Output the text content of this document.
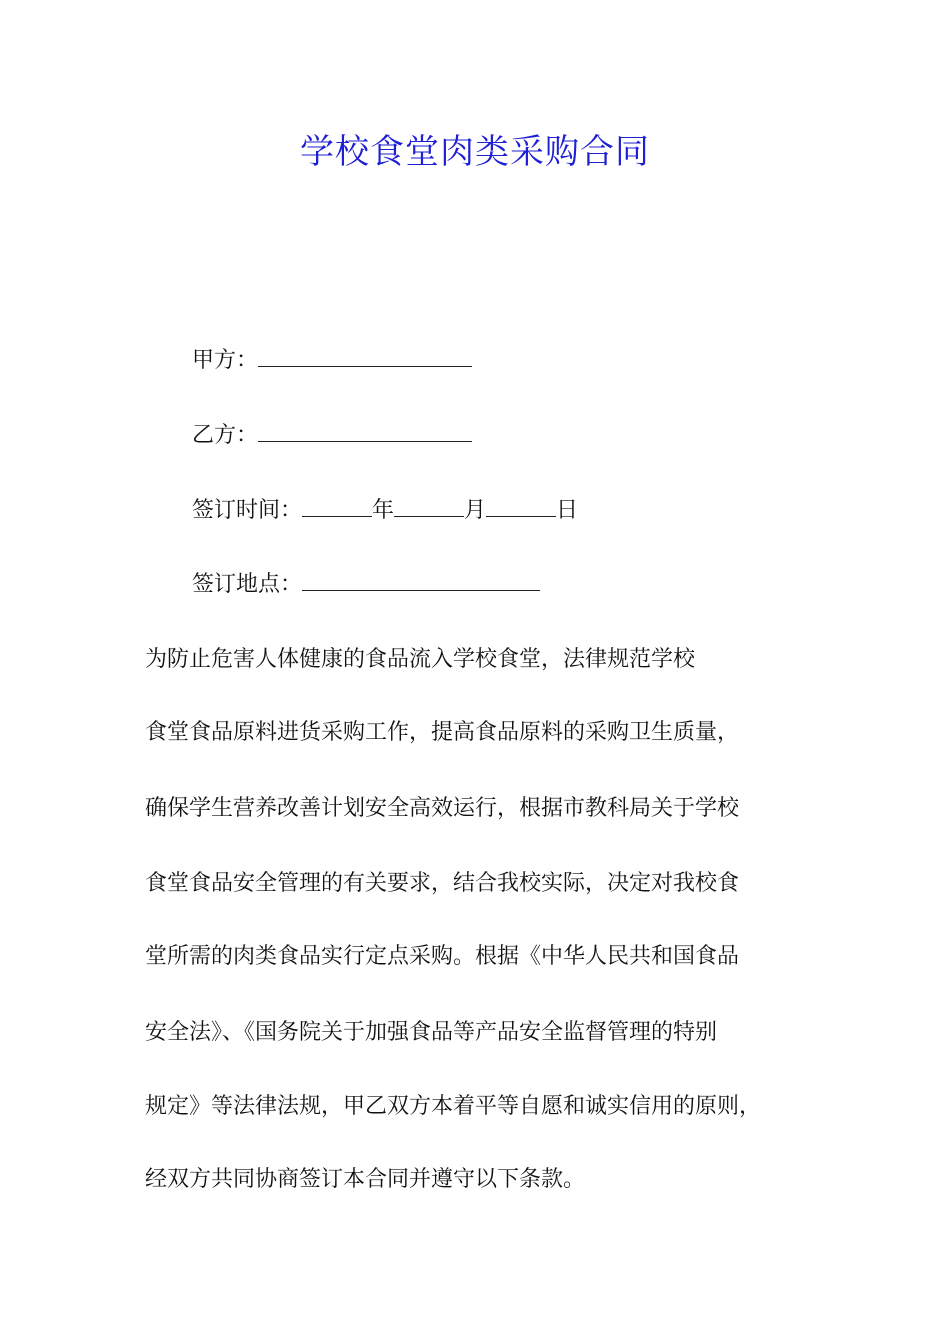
学校食堂肉类采购合同
甲方：
乙方：
签订时间：	年	月	日
签订地点：
为防止危害人体健康的食品流入学校食堂，法律规范学校
食堂食品原料进货采购工作，提高食品原料的采购卫生质量，
确保学生营养改善计划安全高效运行，根据市教科局关于学校
食堂食品安全管理的有关要求，结合我校实际，决定对我校食
堂所需的肉类食品实行定点采购。根据《中华人民共和国食品
安全法》、《国务院关于加强食品等产品安全监督管理的特别
规定》等法律法规，甲乙双方本着平等自愿和诚实信用的原则，
经双方共同协商签订本合同并遵守以下条款。
